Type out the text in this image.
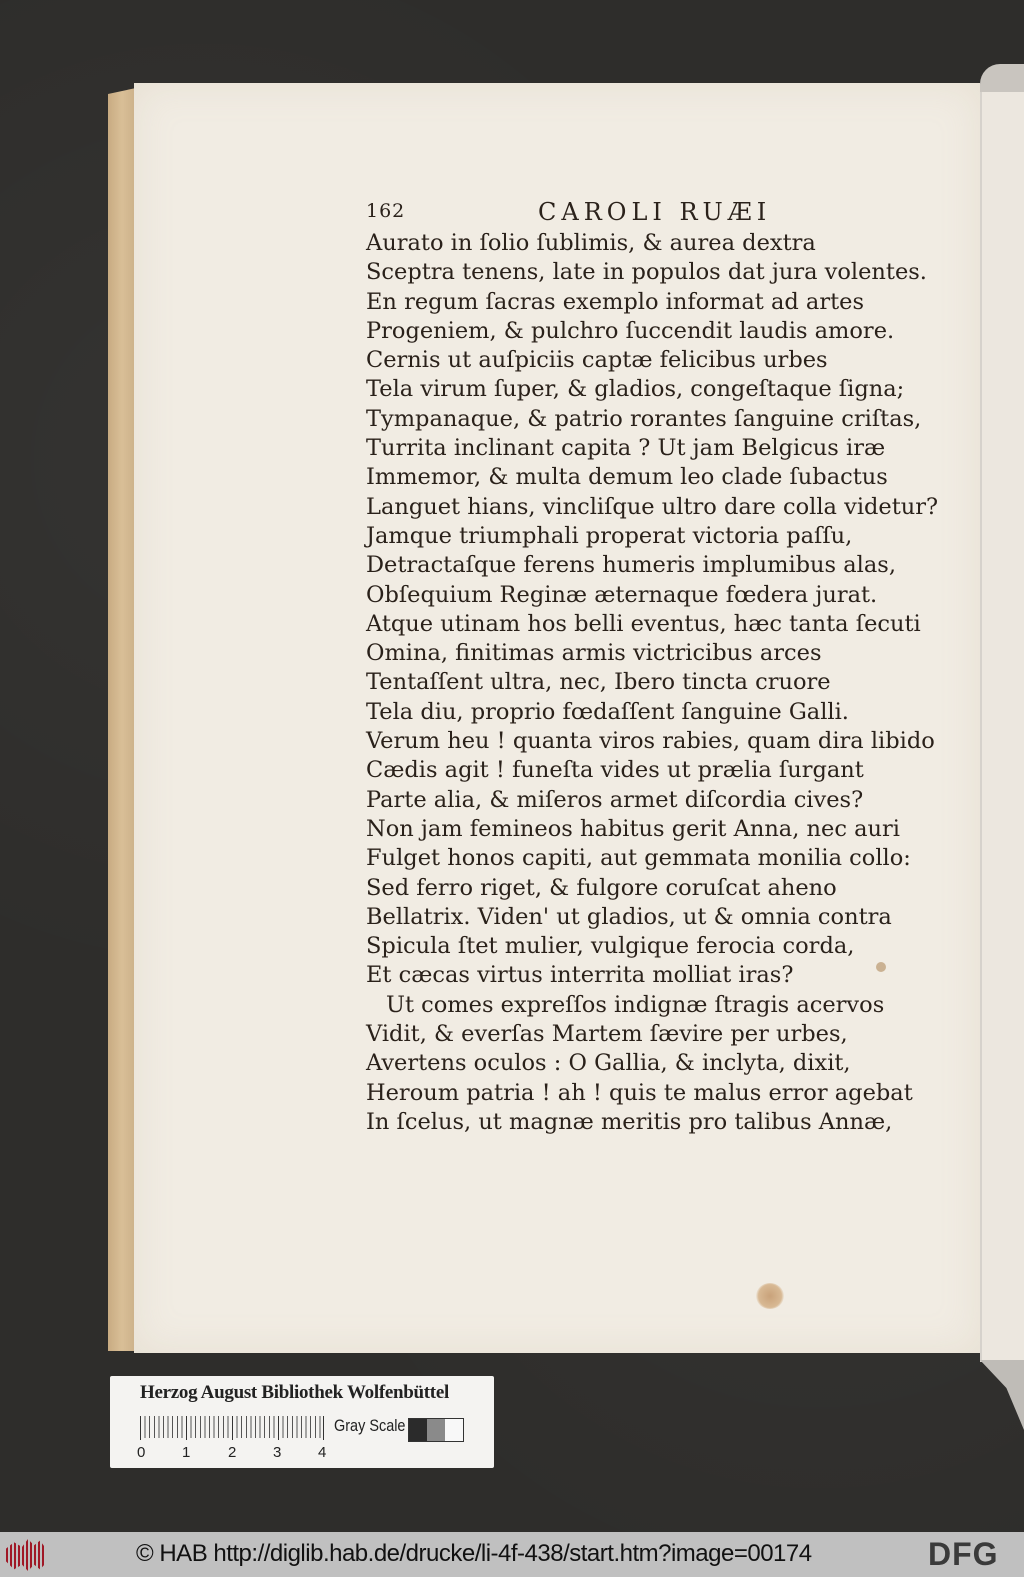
162	CAROLI RUÆI
Aurato in ſolio ſublimis, & aurea dextra
Sceptra tenens, late in populos dat jura volentes.
En regum ſacras exemplo informat ad artes
Progeniem, & pulchro ſuccendit laudis amore.
Cernis ut auſpiciis captæ felicibus urbes
Tela virum ſuper, & gladios, congeſtaque ſigna;
Tympanaque, & patrio rorantes ſanguine criſtas,
Turrita inclinant capita ? Ut jam Belgicus iræ
Immemor, & multa demum leo clade ſubactus
Languet hians, vincliſque ultro dare colla videtur?
Jamque triumphali properat victoria paſſu,
Detractaſque ferens humeris implumibus alas,
Obſequium Reginæ æternaque fœdera jurat.
Atque utinam hos belli eventus, hæc tanta ſecuti
Omina, finitimas armis victricibus arces
Tentaſſent ultra, nec, Ibero tincta cruore
Tela diu, proprio fœdaſſent ſanguine Galli.
Verum heu ! quanta viros rabies, quam dira libido
Cædis agit ! funeſta vides ut prælia ſurgant
Parte alia, & miſeros armet diſcordia cives?
Non jam femineos habitus gerit Anna, nec auri
Fulget honos capiti, aut gemmata monilia collo:
Sed ferro riget, & fulgore coruſcat aheno
Bellatrix. Viden' ut gladios, ut & omnia contra
Spicula ſtet mulier, vulgique ferocia corda,
Et cæcas virtus interrita molliat iras?
Ut comes expreſſos indignæ ſtragis acervos
Vidit, & everſas Martem ſævire per urbes,
Avertens oculos : O Gallia, & inclyta, dixit,
Heroum patria ! ah ! quis te malus error agebat
In ſcelus, ut magnæ meritis pro talibus Annæ,
Herzog August Bibliothek Wolfenbüttel
0 1	2 3 4
Gray Scale
© HAB http://diglib.hab.de/drucke/li-4f-438/start.htm?image=00174	DFG
